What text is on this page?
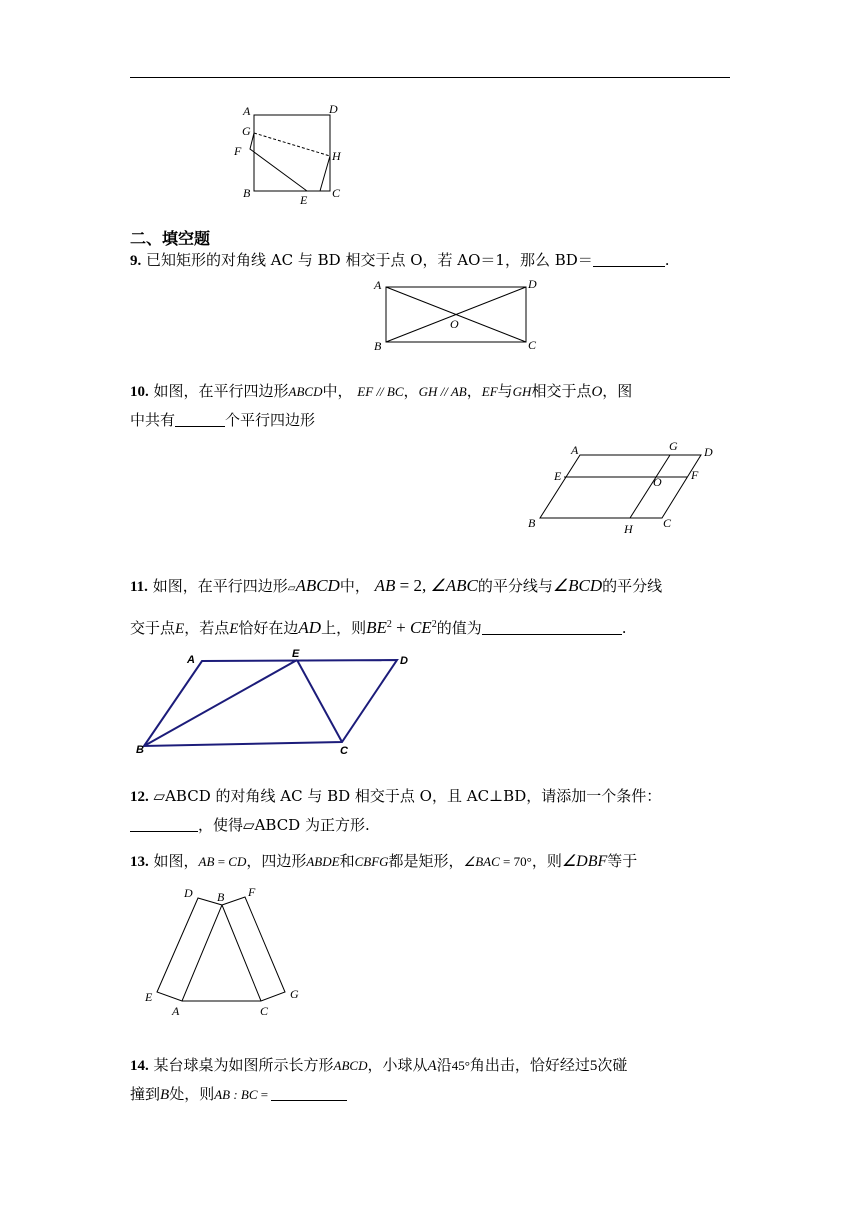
A	D
G
F	H
B	E C
二、填空题
9. 已知矩形的对角线 AC 与 BD 相交于点 O，若 AO＝1，那么 BD＝	.
A	D
O
B	C
10. 如图，在平行四边形ABCD中， EF // BC，GH // AB，EF与GH相交于点O，图
中共有	个平行四边形
A	G D
E	F
O
B	H	C
11. 如图，在平行四边形▱ABCD中， AB = 2, ∠ABC的平分线与∠BCD的平分线
交于点E，若点E恰好在边AD上，则$BE^2 + CE^2$的值为	.
A	E
D
B	C
12. ▱ABCD 的对角线 AC 与 BD 相交于点 O，且 AC⊥BD，请添加一个条件：
，使得▱ABCD 为正方形.
13. 如图，AB = CD，四边形ABDE和CBFG都是矩形，∠BAC = 70°，则∠DBF等于
D B F
E
A	C
G
14. 某台球桌为如图所示长方形ABCD，小球从A沿45°角出击，恰好经过5次碰
撞到B处，则AB : BC =
